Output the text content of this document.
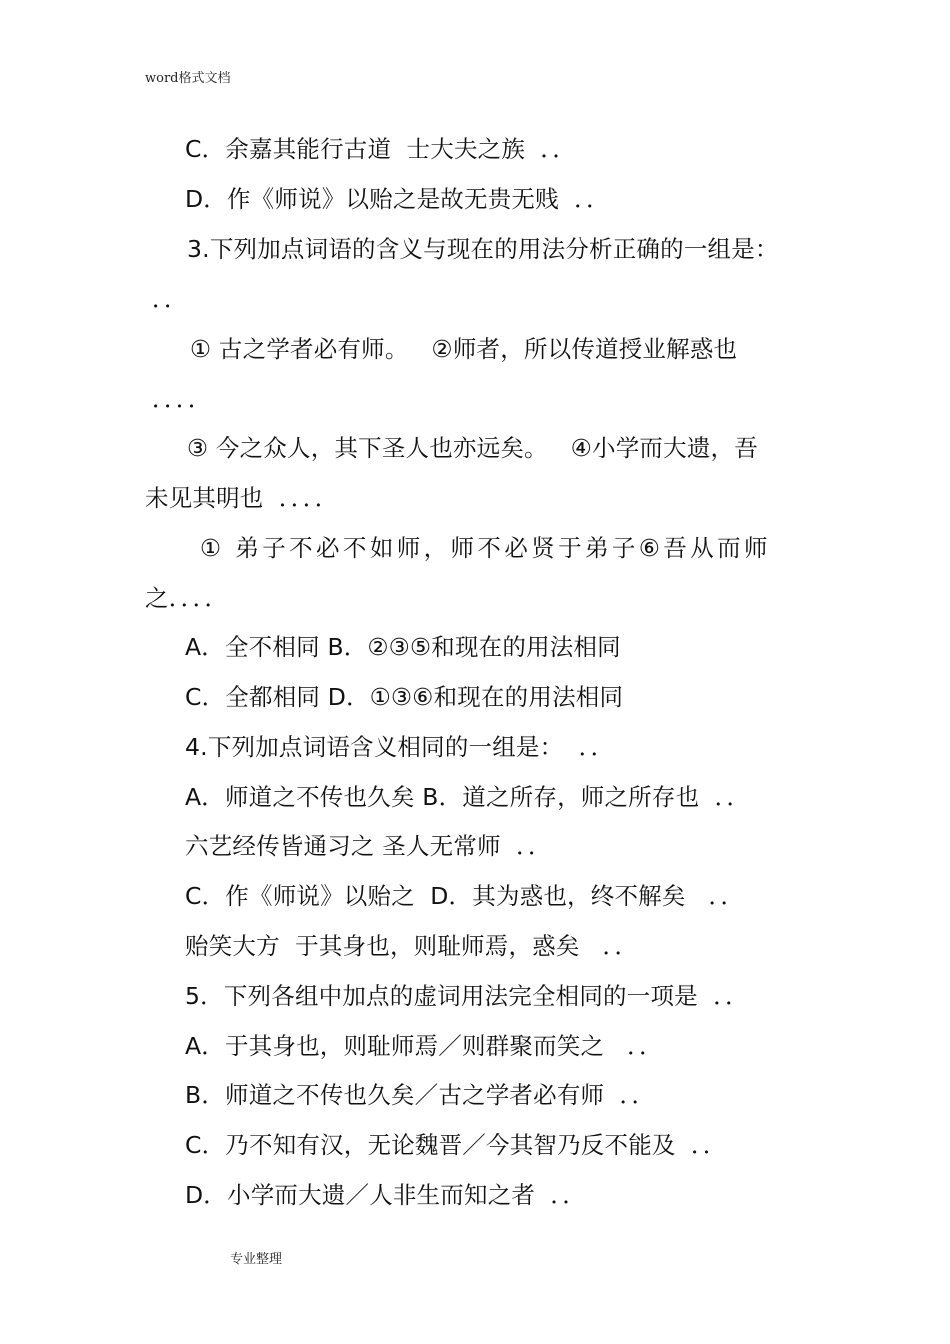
word格式文档
C．余嘉其能行古道  士大夫之族  ．．
D．作《师说》以贻之是故无贵无贱  ．．
3.下列加点词语的含义与现在的用法分析正确的一组是：
．．
① 古之学者必有师。   ②师者，所以传道授业解惑也
．．．．
③ 今之众人，其下圣人也亦远矣。   ④小学而大遗，吾
未见其明也  ．．．．
① 弟子不必不如师，师不必贤于弟子⑥吾从而师
之．．．．
A．全不相同 B．②③⑤和现在的用法相同
C．全都相同 D．①③⑥和现在的用法相同
4.下列加点词语含义相同的一组是：  ．．
A．师道之不传也久矣 B．道之所存，师之所存也  ．．
六艺经传皆通习之 圣人无常师  ．．
C．作《师说》以贻之  D．其为惑也，终不解矣   ．．
贻笑大方  于其身也，则耻师焉，惑矣   ．．
5．下列各组中加点的虚词用法完全相同的一项是  ．．
A．于其身也，则耻师焉／则群聚而笑之   ．．
B．师道之不传也久矣／古之学者必有师  ．．
C．乃不知有汉，无论魏晋／今其智乃反不能及  ．．
D．小学而大遗／人非生而知之者  ．．
专业整理
